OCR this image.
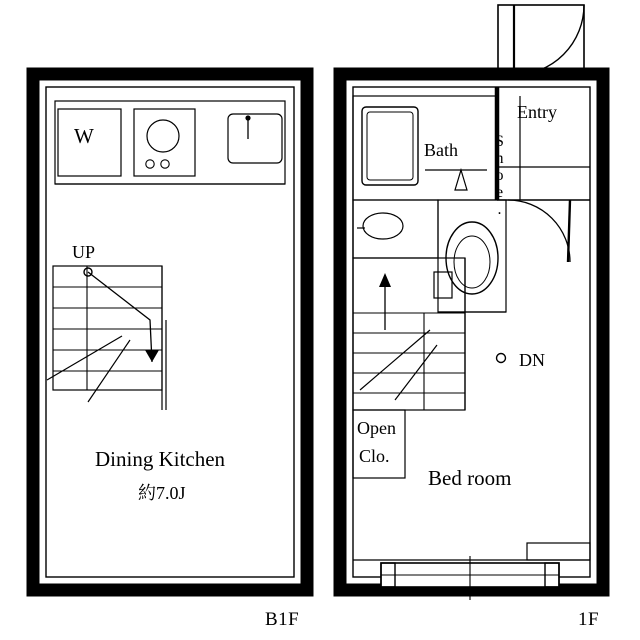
W
UP
Dining Kitchen
約7.0J
B1F
Entry
Bath Shoe.
DN
Open
Clo.
Bed room
1F
